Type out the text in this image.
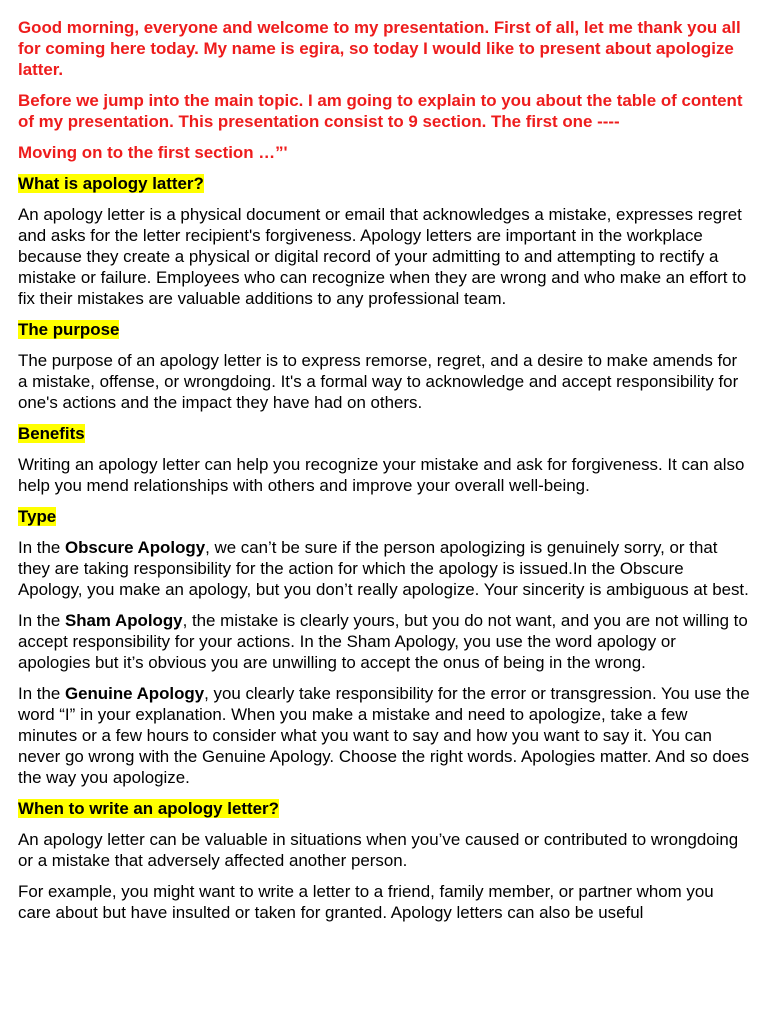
Good morning, everyone and welcome to my presentation. First of all, let me thank you all for coming here today. My name is egira, so today I would like to present about apologize latter.

Before we jump into the main topic. I am going to explain to you about the table of content of my presentation. This presentation consist to 9 section. The first one ----

Moving on to the first section …”'

What is apology latter?

An apology letter is a physical document or email that acknowledges a mistake, expresses regret and asks for the letter recipient's forgiveness. Apology letters are important in the workplace because they create a physical or digital record of your admitting to and attempting to rectify a mistake or failure. Employees who can recognize when they are wrong and who make an effort to fix their mistakes are valuable additions to any professional team.

The purpose

The purpose of an apology letter is to express remorse, regret, and a desire to make amends for a mistake, offense, or wrongdoing. It's a formal way to acknowledge and accept responsibility for one's actions and the impact they have had on others.

Benefits

Writing an apology letter can help you recognize your mistake and ask for forgiveness. It can also help you mend relationships with others and improve your overall well-being.

Type

In the Obscure Apology, we can’t be sure if the person apologizing is genuinely sorry, or that they are taking responsibility for the action for which the apology is issued.In the Obscure Apology, you make an apology, but you don’t really apologize. Your sincerity is ambiguous at best.

In the Sham Apology, the mistake is clearly yours, but you do not want, and you are not willing to accept responsibility for your actions. In the Sham Apology, you use the word apology or apologies but it’s obvious you are unwilling to accept the onus of being in the wrong.

In the Genuine Apology, you clearly take responsibility for the error or transgression. You use the word “I” in your explanation. When you make a mistake and need to apologize, take a few minutes or a few hours to consider what you want to say and how you want to say it. You can never go wrong with the Genuine Apology. Choose the right words. Apologies matter. And so does the way you apologize.

When to write an apology letter?

An apology letter can be valuable in situations when you’ve caused or contributed to wrongdoing or a mistake that adversely affected another person.

For example, you might want to write a letter to a friend, family member, or partner whom you care about but have insulted or taken for granted. Apology letters can also be useful
